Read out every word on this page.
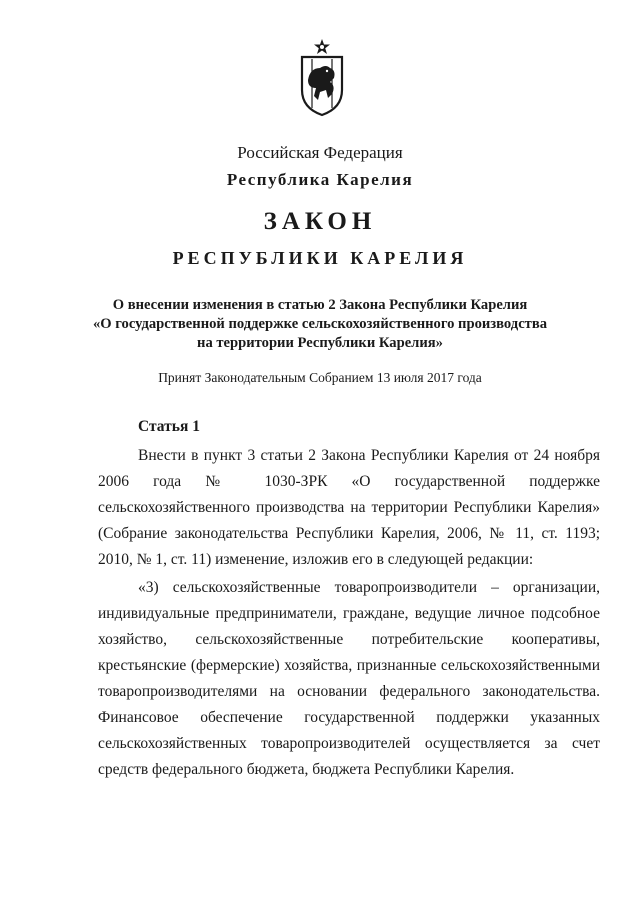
Российская Федерация
Республика Карелия
ЗАКОН
РЕСПУБЛИКИ КАРЕЛИЯ
О внесении изменения в статью 2 Закона Республики Карелия
«О государственной поддержке сельскохозяйственного производства
на территории Республики Карелия»
Принят Законодательным Собранием 13 июля 2017 года
Статья 1

Внести в пункт 3 статьи 2 Закона Республики Карелия от 24 ноября 2006 года № 1030-ЗРК «О государственной поддержке сельскохозяйственного производства на территории Республики Карелия» (Собрание законодательства Республики Карелия, 2006, № 11, ст. 1193; 2010, № 1, ст. 11) изменение, изложив его в следующей редакции:

«3) сельскохозяйственные товаропроизводители – организации, индивидуальные предприниматели, граждане, ведущие личное подсобное хозяйство, сельскохозяйственные потребительские кооперативы, крестьянские (фермерские) хозяйства, признанные сельскохозяйственными товаропроизводителями на основании федерального законодательства. Финансовое обеспечение государственной поддержки указанных сельскохозяйственных товаропроизводителей осуществляется за счет средств федерального бюджета, бюджета Республики Карелия.
